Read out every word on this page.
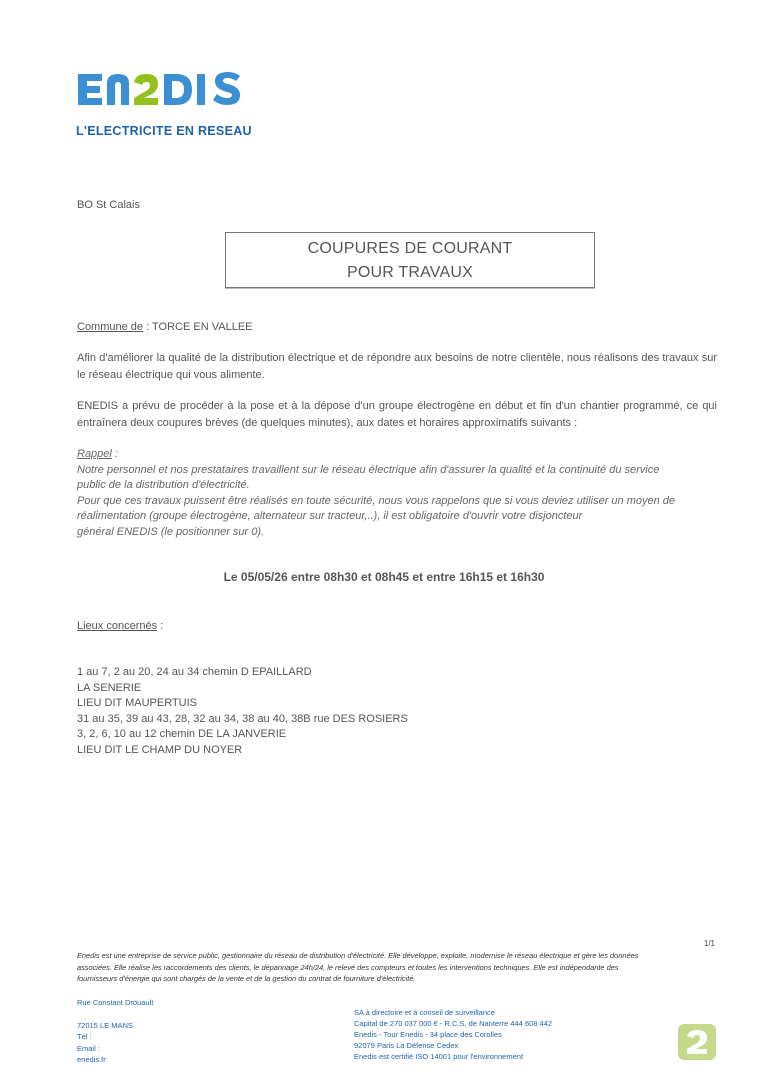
L'ELECTRICITE EN RESEAU
BO St Calais
COUPURES DE COURANT
POUR TRAVAUX
Commune de : TORCE EN VALLEE
Afin d'améliorer la qualité de la distribution électrique et de répondre aux besoins de notre clientèle, nous réalisons des travaux sur le réseau électrique qui vous alimente.
ENEDIS a prévu de procéder à la pose et à la dépose d'un groupe électrogène en début et fin d'un chantier programmé, ce qui entraînera deux coupures brèves (de quelques minutes), aux dates et horaires approximatifs suivants :
Rappel :
Notre personnel et nos prestataires travaillent sur le réseau électrique afin d'assurer la qualité et la continuité du service
public de la distribution d'électricité.
Pour que ces travaux puissent être réalisés en toute sécurité, nous vous rappelons que si vous deviez utiliser un moyen de
réalimentation (groupe électrogène, alternateur sur tracteur,..), il est obligatoire d'ouvrir votre disjoncteur
général ENEDIS (le positionner sur 0).
Le 05/05/26 entre 08h30 et 08h45 et entre 16h15 et 16h30
Lieux concernés :
1 au 7, 2 au 20, 24 au 34 chemin D EPAILLARD
LA SENERIE
LIEU DIT MAUPERTUIS
31 au 35, 39 au 43, 28, 32 au 34, 38 au 40, 38B rue DES ROSIERS
3, 2, 6, 10 au 12 chemin DE LA JANVERIE
LIEU DIT LE CHAMP DU NOYER
1/1
Enedis est une entreprise de service public, gestionnaire du réseau de distribution d'électricité. Elle développe, exploite, modernise le réseau électrique et gère les données
associées. Elle réalise les raccordements des clients, le dépannage 24h/24, le relevé des compteurs et toutes les interventions techniques. Elle est indépendante des
fournisseurs d'énergie qui sont chargés de la vente et de la gestion du contrat de fourniture d'électricité.
Rue Constant Drouault
72015 LE MANS
Tél :
Email :
enedis.fr
SA à directoire et à conseil de surveillance
Capital de 270 037 000 € - R.C.S. de Nanterre 444 608 442
Enedis - Tour Enedis - 34 place des Corolles
92079 Paris La Défense Cedex
Enedis est certifié ISO 14001 pour l'environnement
